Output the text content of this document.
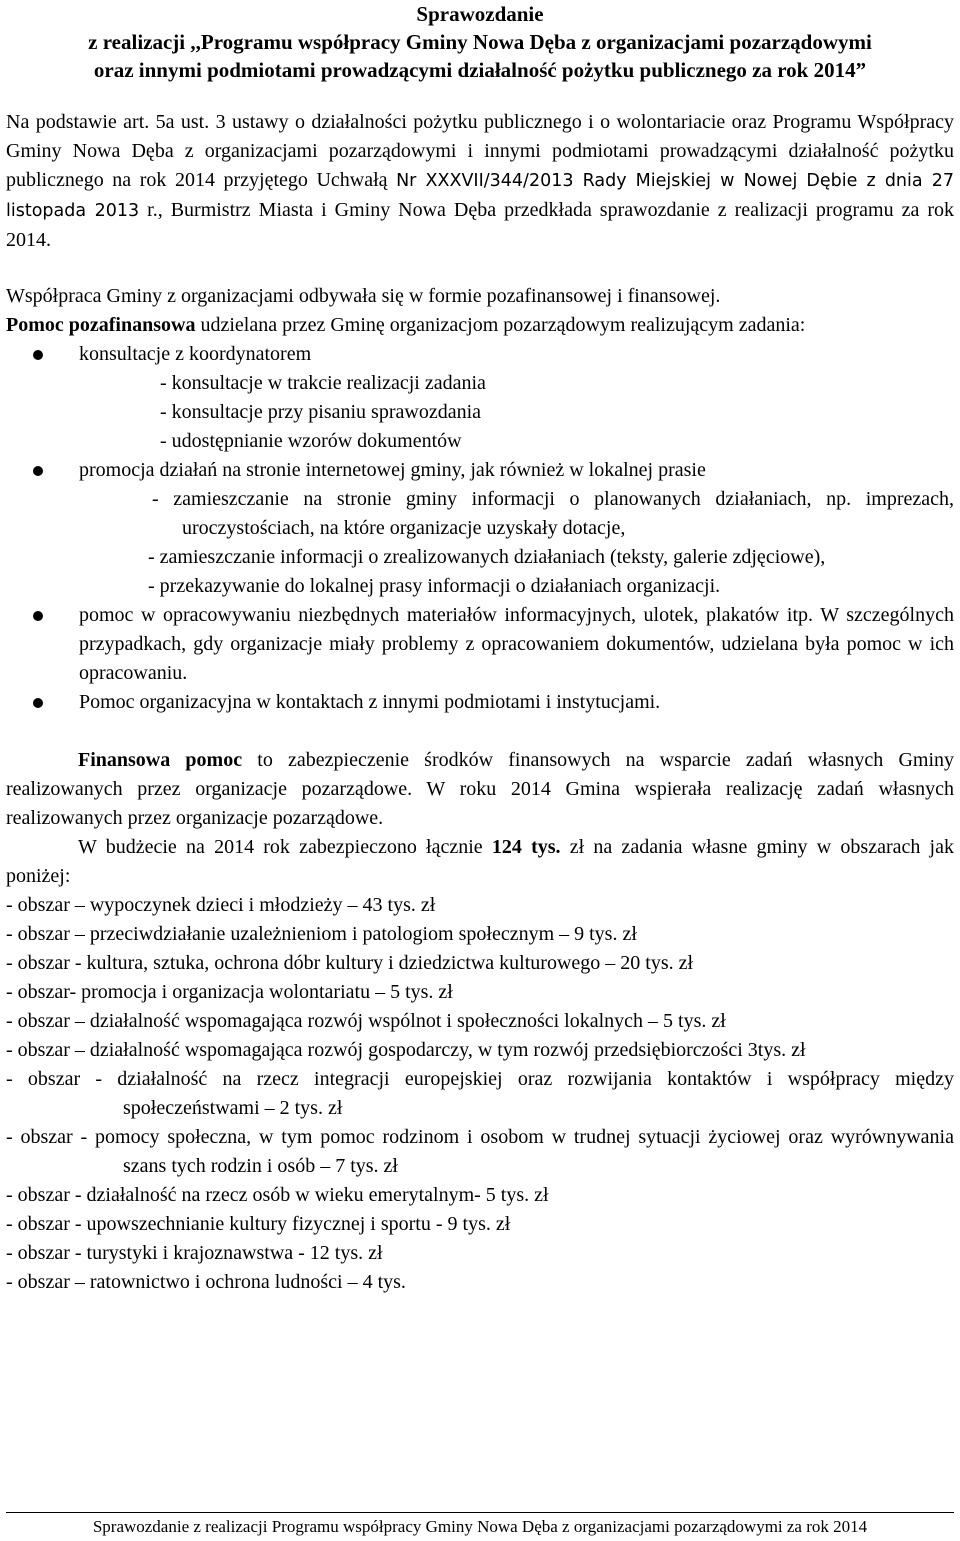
Sprawozdanie
z realizacji ,,Programu współpracy Gminy Nowa Dęba z organizacjami pozarządowymi
oraz innymi podmiotami prowadzącymi działalność pożytku publicznego za rok 2014”

Na podstawie art. 5a ust. 3 ustawy o działalności pożytku publicznego i o wolontariacie oraz Programu Współpracy Gminy Nowa Dęba z organizacjami pozarządowymi i innymi podmiotami prowadzącymi działalność pożytku publicznego na rok 2014 przyjętego Uchwałą Nr XXXVII/344/2013 Rady Miejskiej w Nowej Dębie z dnia 27 listopada 2013 r., Burmistrz Miasta i Gminy Nowa Dęba przedkłada sprawozdanie z realizacji programu za rok 2014.

Współpraca Gminy z organizacjami odbywała się w formie pozafinansowej i finansowej.

Pomoc pozafinansowa udzielana przez Gminę organizacjom pozarządowym realizującym zadania:

konsultacje z koordynatorem
- konsultacje w trakcie realizacji zadania
- konsultacje przy pisaniu sprawozdania
- udostępnianie wzorów dokumentów
promocja działań na stronie internetowej gminy, jak również w lokalnej prasie
- zamieszczanie na stronie gminy informacji o planowanych działaniach, np. imprezach, uroczystościach, na które organizacje uzyskały dotacje,
- zamieszczanie informacji o zrealizowanych działaniach (teksty, galerie zdjęciowe),
- przekazywanie do lokalnej prasy informacji o działaniach organizacji.
pomoc w opracowywaniu niezbędnych materiałów informacyjnych, ulotek, plakatów itp. W szczególnych przypadkach, gdy organizacje miały problemy z opracowaniem dokumentów, udzielana była pomoc w ich opracowaniu.
Pomoc organizacyjna w kontaktach z innymi podmiotami i instytucjami.

Finansowa pomoc to zabezpieczenie środków finansowych na wsparcie zadań własnych Gminy realizowanych przez organizacje pozarządowe. W roku 2014 Gmina wspierała realizację zadań własnych realizowanych przez organizacje pozarządowe.

W budżecie na 2014 rok zabezpieczono łącznie 124 tys. zł na zadania własne gminy w obszarach jak poniżej:

- obszar – wypoczynek dzieci i młodzieży – 43 tys. zł
- obszar – przeciwdziałanie uzależnieniom i patologiom społecznym – 9 tys. zł
- obszar - kultura, sztuka, ochrona dóbr kultury i dziedzictwa kulturowego – 20 tys. zł
- obszar- promocja i organizacja wolontariatu – 5 tys. zł
- obszar – działalność wspomagająca rozwój wspólnot i społeczności lokalnych – 5 tys. zł
- obszar – działalność wspomagająca rozwój gospodarczy, w tym rozwój przedsiębiorczości 3tys. zł
- obszar - działalność na rzecz integracji europejskiej oraz rozwijania kontaktów i współpracy między społeczeństwami – 2 tys. zł
- obszar - pomocy społeczna, w tym pomoc rodzinom i osobom w trudnej sytuacji życiowej oraz wyrównywania szans tych rodzin i osób – 7 tys. zł
- obszar - działalność na rzecz osób w wieku emerytalnym- 5 tys. zł
- obszar - upowszechnianie kultury fizycznej i sportu - 9 tys. zł
- obszar - turystyki i krajoznawstwa - 12 tys. zł
- obszar – ratownictwo i ochrona ludności – 4 tys.
Sprawozdanie z realizacji Programu współpracy Gminy Nowa Dęba z organizacjami pozarządowymi za rok 2014
